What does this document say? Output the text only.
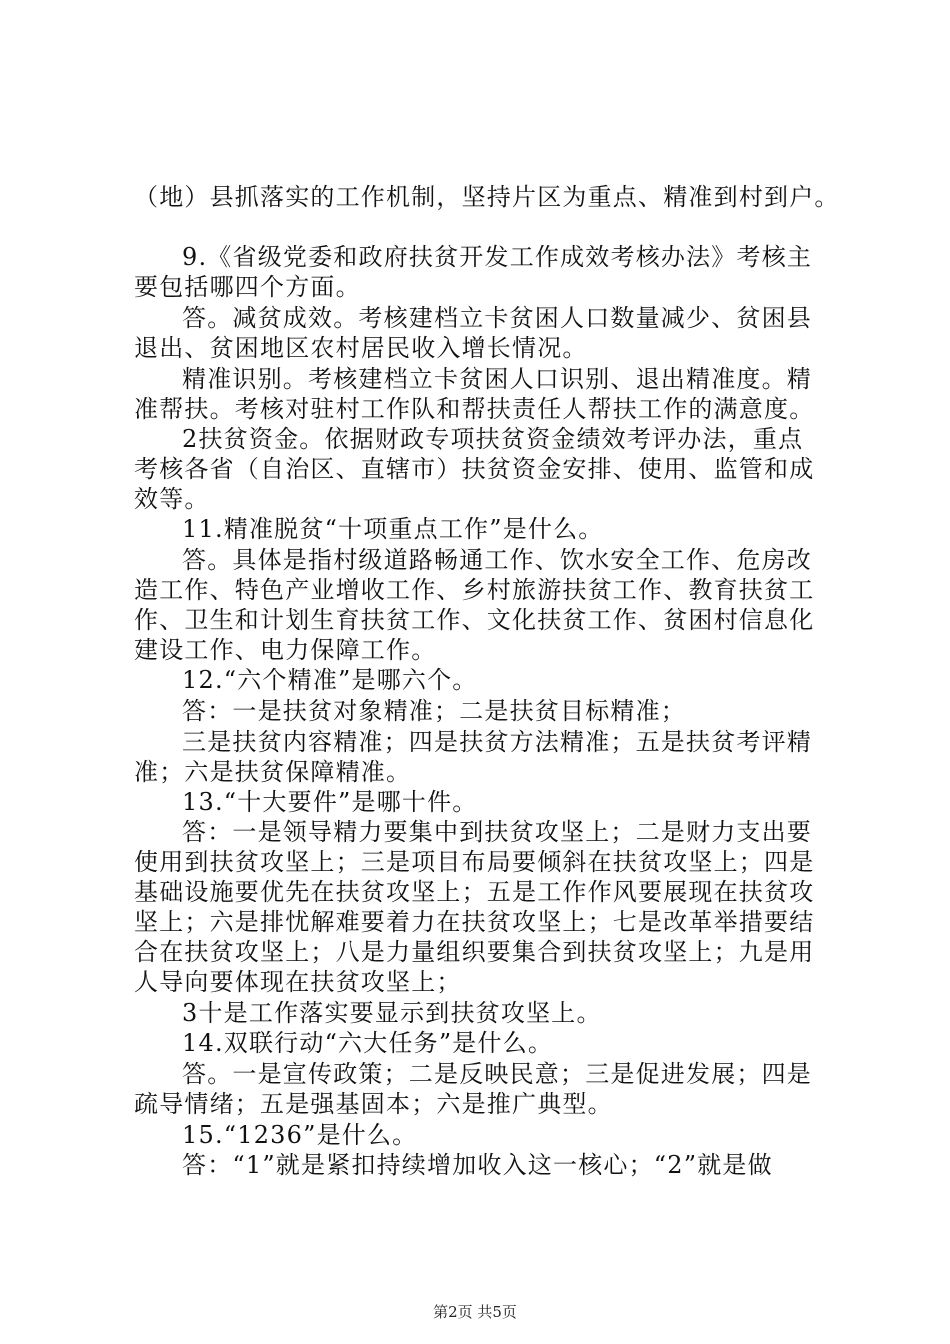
（地）县抓落实的工作机制，坚持片区为重点、精准到村到户。
9.《省级党委和政府扶贫开发工作成效考核办法》考核主
要包括哪四个方面。
答。减贫成效。考核建档立卡贫困人口数量减少、贫困县
退出、贫困地区农村居民收入增长情况。
精准识别。考核建档立卡贫困人口识别、退出精准度。精
准帮扶。考核对驻村工作队和帮扶责任人帮扶工作的满意度。
2扶贫资金。依据财政专项扶贫资金绩效考评办法，重点
考核各省（自治区、直辖市）扶贫资金安排、使用、监管和成
效等。
11.精准脱贫“十项重点工作”是什么。
答。具体是指村级道路畅通工作、饮水安全工作、危房改
造工作、特色产业增收工作、乡村旅游扶贫工作、教育扶贫工
作、卫生和计划生育扶贫工作、文化扶贫工作、贫困村信息化
建设工作、电力保障工作。
12.“六个精准”是哪六个。
答：一是扶贫对象精准；二是扶贫目标精准；
三是扶贫内容精准；四是扶贫方法精准；五是扶贫考评精
准；六是扶贫保障精准。
13.“十大要件”是哪十件。
答：一是领导精力要集中到扶贫攻坚上；二是财力支出要
使用到扶贫攻坚上；三是项目布局要倾斜在扶贫攻坚上；四是
基础设施要优先在扶贫攻坚上；五是工作作风要展现在扶贫攻
坚上；六是排忧解难要着力在扶贫攻坚上；七是改革举措要结
合在扶贫攻坚上；八是力量组织要集合到扶贫攻坚上；九是用
人导向要体现在扶贫攻坚上；
3十是工作落实要显示到扶贫攻坚上。
14.双联行动“六大任务”是什么。
答。一是宣传政策；二是反映民意；三是促进发展；四是
疏导情绪；五是强基固本；六是推广典型。
15.“1236”是什么。
答：“1”就是紧扣持续增加收入这一核心；“2”就是做
第2页 共5页
